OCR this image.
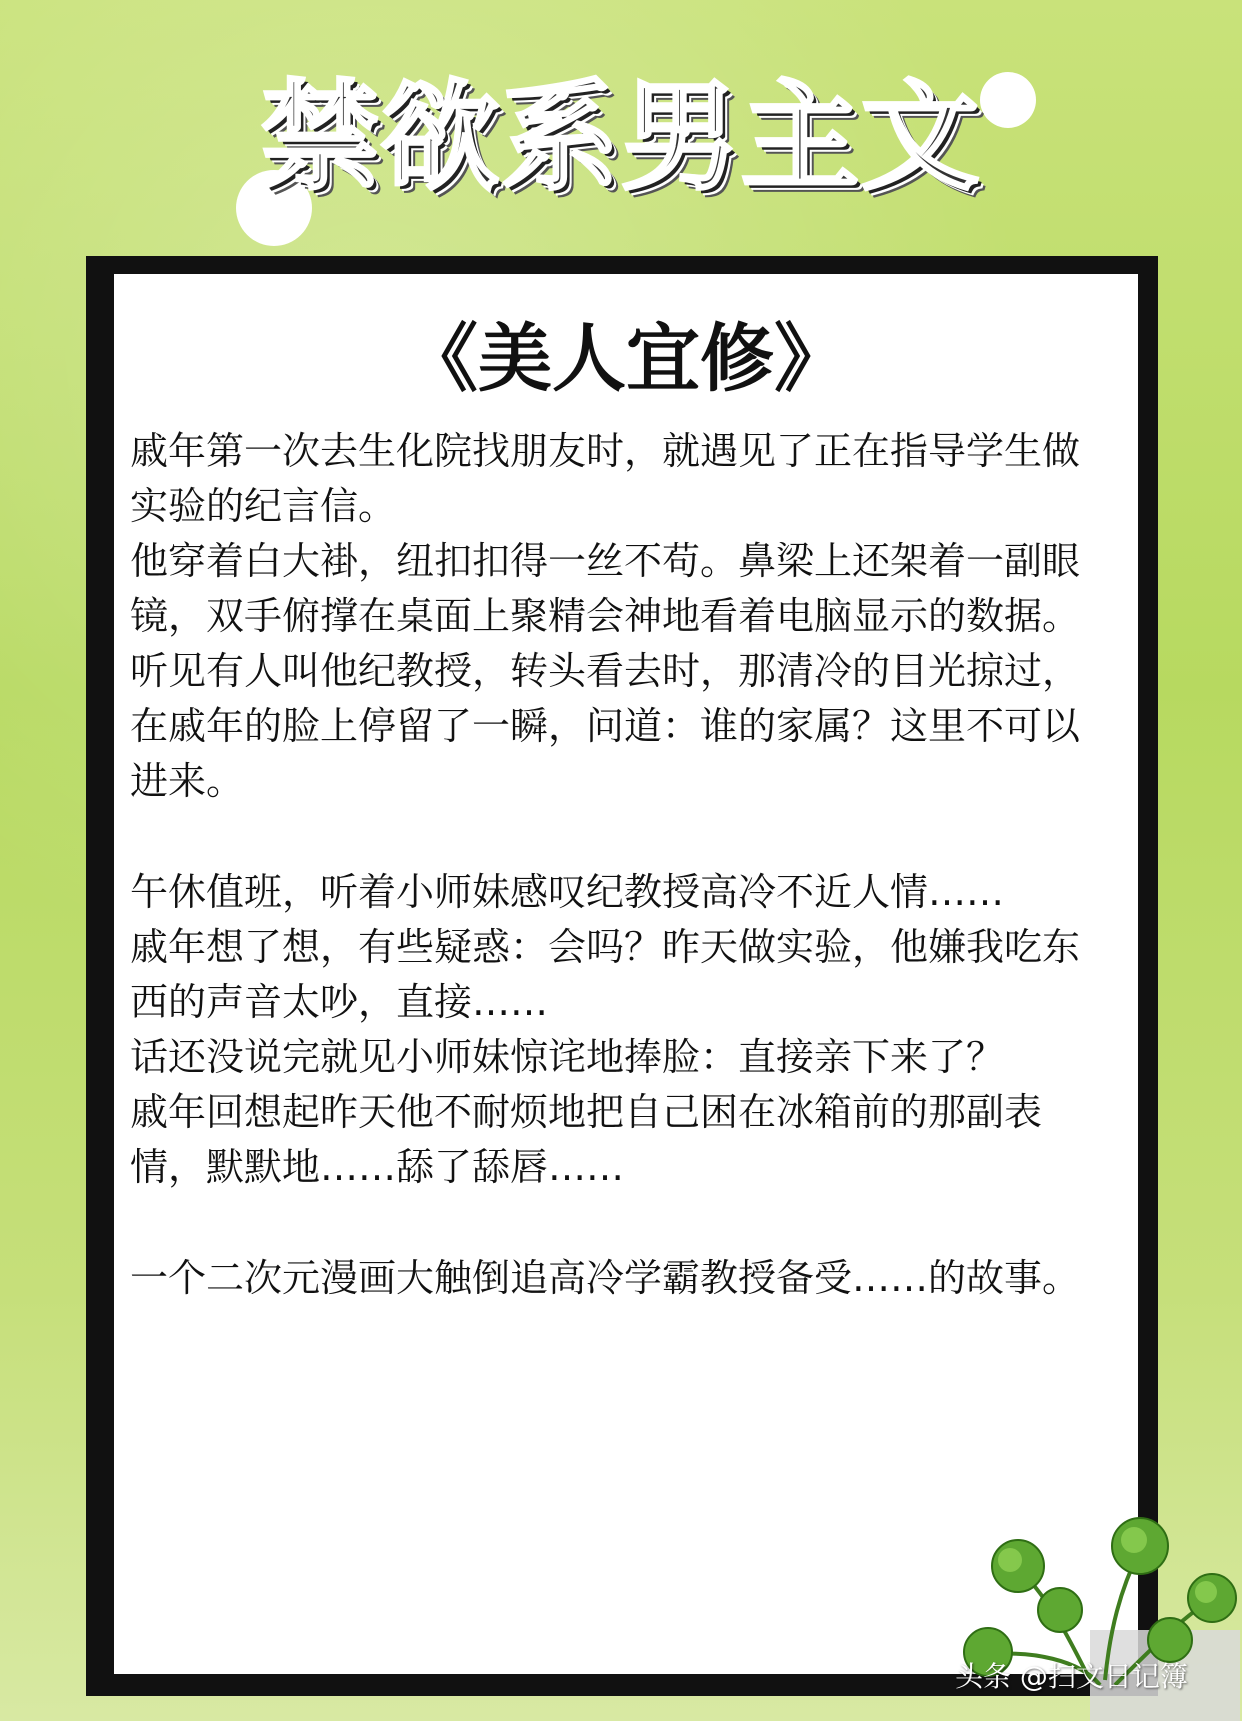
禁欲系男主文
《美人宜修》

戚年第一次去生化院找朋友时，就遇见了正在指导学生做实验的纪言信。

他穿着白大褂，纽扣扣得一丝不苟。鼻梁上还架着一副眼镜，双手俯撑在桌面上聚精会神地看着电脑显示的数据。

听见有人叫他纪教授，转头看去时，那清冷的目光掠过，在戚年的脸上停留了一瞬，问道：谁的家属？这里不可以进来。

午休值班，听着小师妹感叹纪教授高冷不近人情……

戚年想了想，有些疑惑：会吗？昨天做实验，他嫌我吃东西的声音太吵，直接……

话还没说完就见小师妹惊诧地捧脸：直接亲下来了？

戚年回想起昨天他不耐烦地把自己困在冰箱前的那副表情，默默地……舔了舔唇……

一个二次元漫画大触倒追高冷学霸教授备受……的故事。

头条 @扫文日记簿
